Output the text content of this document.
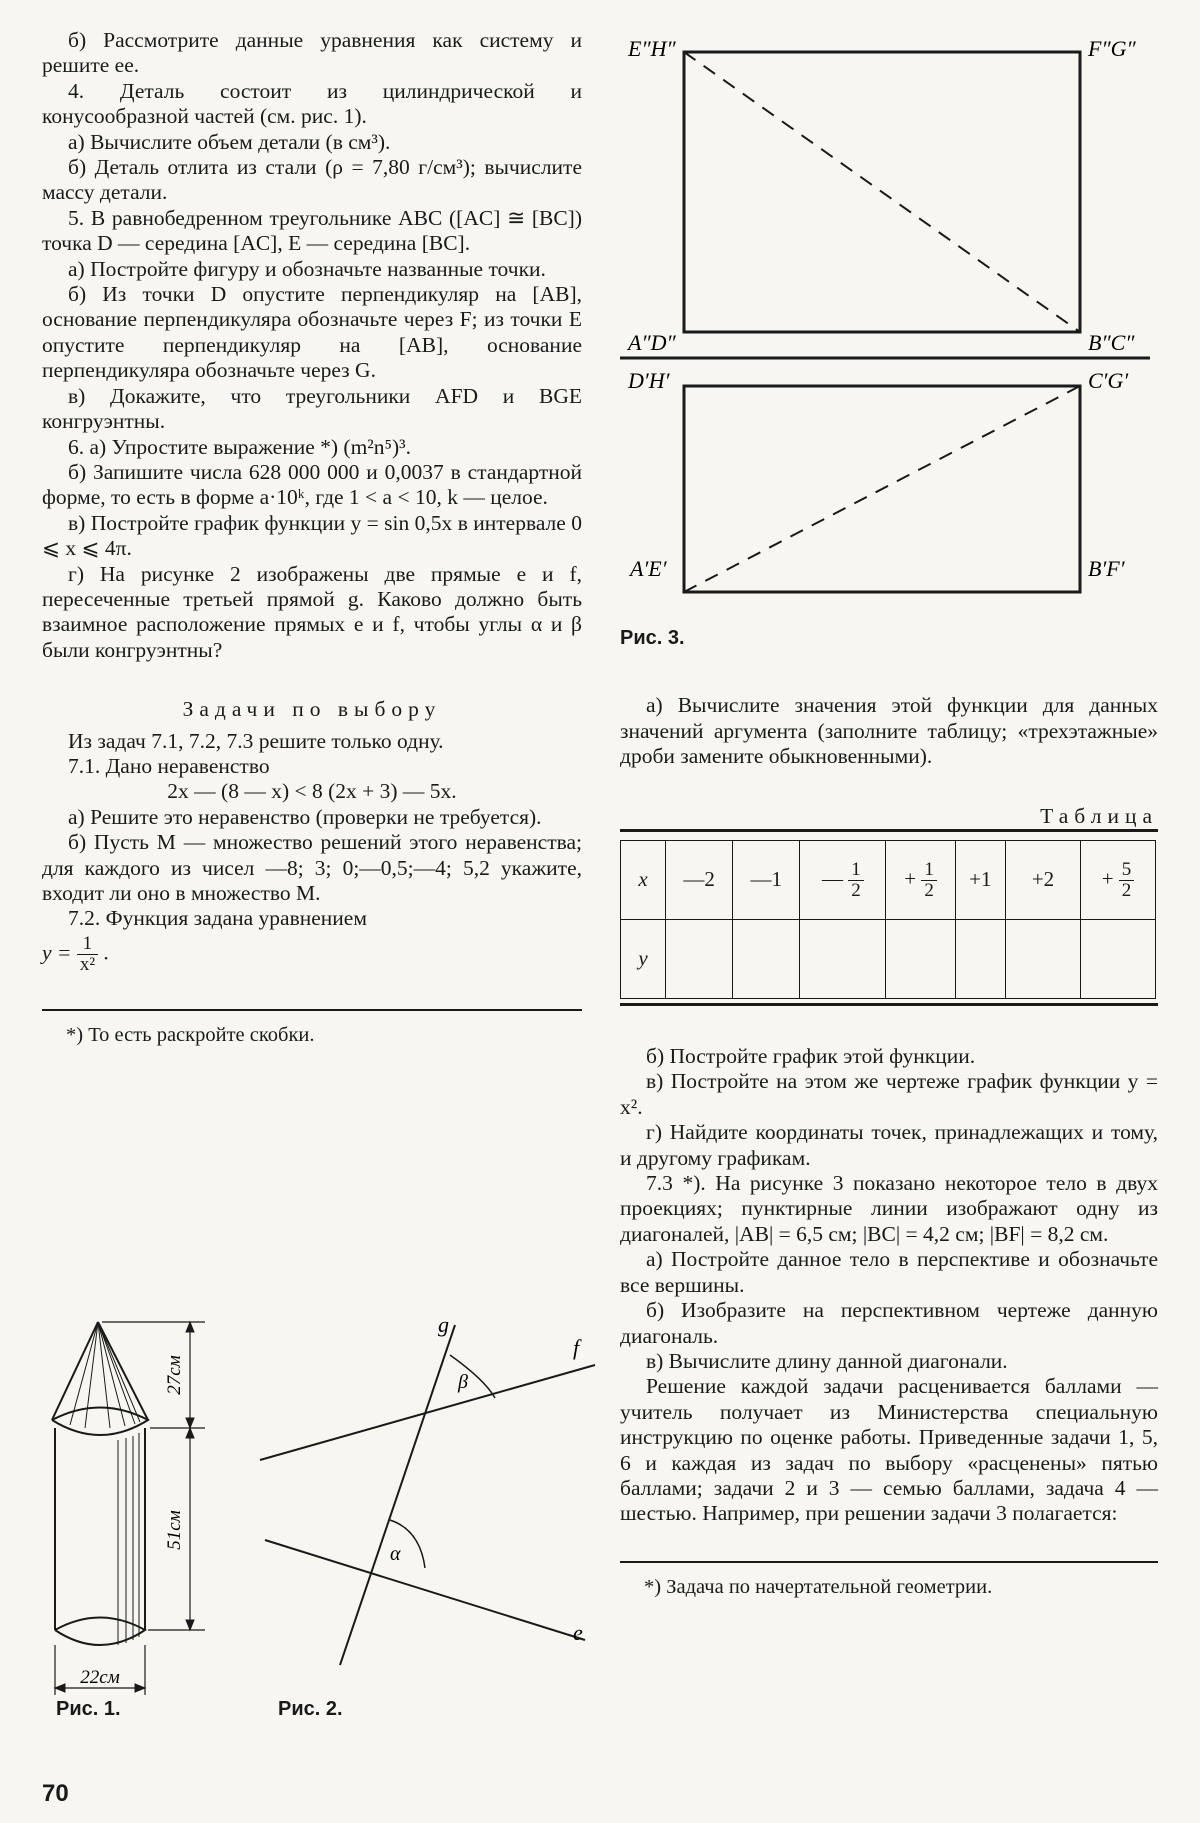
б) Рассмотрите данные уравнения как систему и решите ее.

4. Деталь состоит из цилиндрической и конусообразной частей (см. рис. 1).

а) Вычислите объем детали (в см³).

б) Деталь отлита из стали (ρ = 7,80 г/см³); вычислите массу детали.

5. В равнобедренном треугольнике ABC ([AC] ≅ [BC]) точка D — середина [AC], E — середина [BC].

а) Постройте фигуру и обозначьте названные точки.

б) Из точки D опустите перпендикуляр на [AB], основание перпендикуляра обозначьте через F; из точки E опустите перпендикуляр на [AB], основание перпендикуляра обозначьте через G.

в) Докажите, что треугольники AFD и BGE конгруэнтны.

6. а) Упростите выражение *) (m²n⁵)³.

б) Запишите числа 628 000 000 и 0,0037 в стандартной форме, то есть в форме a·10ᵏ, где 1 < a < 10, k — целое.

в) Постройте график функции y = sin 0,5x в интервале 0 ⩽ x ⩽ 4π.

г) На рисунке 2 изображены две прямые e и f, пересеченные третьей прямой g. Каково должно быть взаимное расположение прямых e и f, чтобы углы α и β были конгруэнтны?

Задачи по выбору

Из задач 7.1, 7.2, 7.3 решите только одну.

7.1. Дано неравенство

2x — (8 — x) < 8 (2x + 3) — 5x.

а) Решите это неравенство (проверки не требуется).

б) Пусть M — множество решений этого неравенства; для каждого из чисел —8; 3; 0;—0,5;—4; 5,2 укажите, входит ли оно в множество M.

7.2. Функция задана уравнением

$y = \frac{1}{\text{x²}}$ .

*) То есть раскройте скобки.

27см
51см
22см

Рис. 1.

g
f
e
β
α

Рис. 2.

E″H″	F″G″
A″D″	B″C″
D′H′	C′G′
A′E′	B′F′

Рис. 3.

а) Вычислите значения этой функции для данных значений аргумента (заполните таблицу; «трехэтажные» дроби замените обыкновенными).

Таблица

x	—2	—1	— $\frac{1}{2}$	+ $\frac{1}{2}$	+1	+2	+ $\frac{5}{2}$

y							

б) Постройте график этой функции.

в) Постройте на этом же чертеже график функции y = x².

г) Найдите координаты точек, принадлежащих и тому, и другому графикам.

7.3 *). На рисунке 3 показано некоторое тело в двух проекциях; пунктирные линии изображают одну из диагоналей, |AB| = 6,5 см; |BC| = 4,2 см; |BF| = 8,2 см.

а) Постройте данное тело в перспективе и обозначьте все вершины.

б) Изобразите на перспективном чертеже данную диагональ.

в) Вычислите длину данной диагонали.

Решение каждой задачи расценивается баллами — учитель получает из Министерства специальную инструкцию по оценке работы. Приведенные задачи 1, 5, 6 и каждая из задач по выбору «расценены» пятью баллами; задачи 2 и 3 — семью баллами, задача 4 — шестью. Например, при решении задачи 3 полагается:

*) Задача по начертательной геометрии.

70
